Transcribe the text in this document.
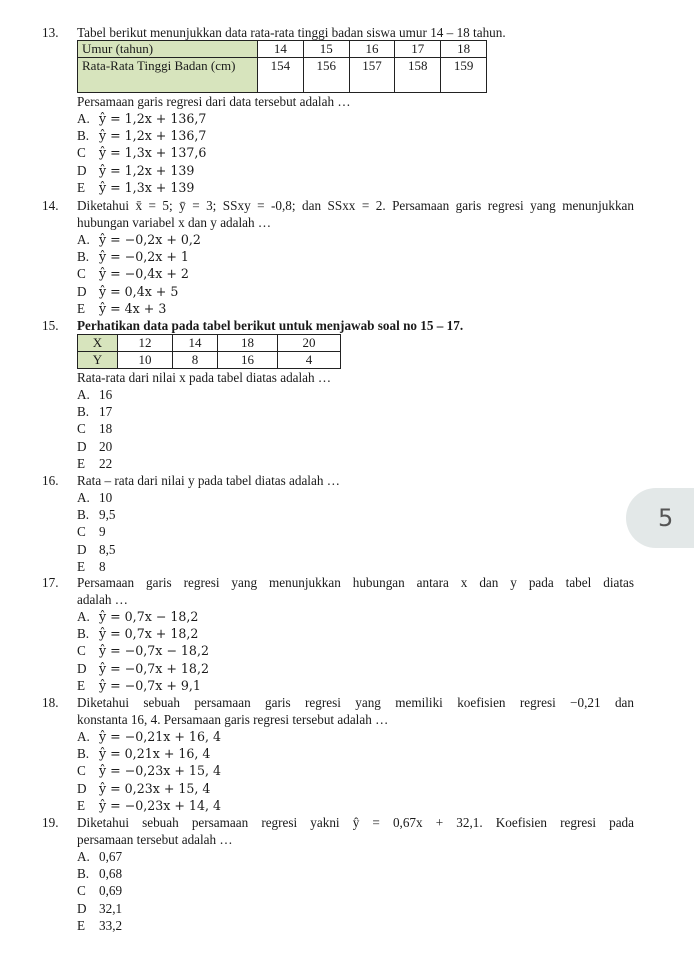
13. Tabel berikut menunjukkan data rata-rata tinggi badan siswa umur 14 – 18 tahun.
Umur (tahun)	14	15	16	17	18
Rata-Rata Tinggi Badan (cm)	154	156	157	158	159
Persamaan garis regresi dari data tersebut adalah …
A. ŷ = 1,2x + 136,7
B. ŷ = 1,2x + 136,7
C ŷ = 1,3x + 137,6
D ŷ = 1,2x + 139
E ŷ = 1,3x + 139
14. Diketahui x̄ = 5; ȳ = 3; SSxy = -0,8; dan SSxx = 2. Persamaan garis regresi yang menunjukkan
hubungan variabel x dan y adalah …
A. ŷ = −0,2x + 0,2
B. ŷ = −0,2x + 1
C ŷ = −0,4x + 2
D ŷ = 0,4x + 5
E ŷ = 4x + 3
15. Perhatikan data pada tabel berikut untuk menjawab soal no 15 – 17.
X	12	14	18	20
Y	10	8	16	4
Rata-rata dari nilai x pada tabel diatas adalah …
A. 16
B. 17
C 18
D 20
E 22
16. Rata – rata dari nilai y pada tabel diatas adalah …
A. 10
B. 9,5
C 9
D 8,5
E 8
17. Persamaan garis regresi yang menunjukkan hubungan antara x dan y pada tabel diatas
adalah …
A. ŷ = 0,7x − 18,2
B. ŷ = 0,7x + 18,2
C ŷ = −0,7x − 18,2
D ŷ = −0,7x + 18,2
E ŷ = −0,7x + 9,1
18. Diketahui sebuah persamaan garis regresi yang memiliki koefisien regresi −0,21 dan
konstanta 16, 4. Persamaan garis regresi tersebut adalah …
A. ŷ = −0,21x + 16, 4
B. ŷ = 0,21x + 16, 4
C ŷ = −0,23x + 15, 4
D ŷ = 0,23x + 15, 4
E ŷ = −0,23x + 14, 4
19. Diketahui sebuah persamaan regresi yakni ŷ = 0,67x + 32,1. Koefisien regresi pada
persamaan tersebut adalah …
A. 0,67
B. 0,68
C 0,69
D 32,1
E 33,2
5
